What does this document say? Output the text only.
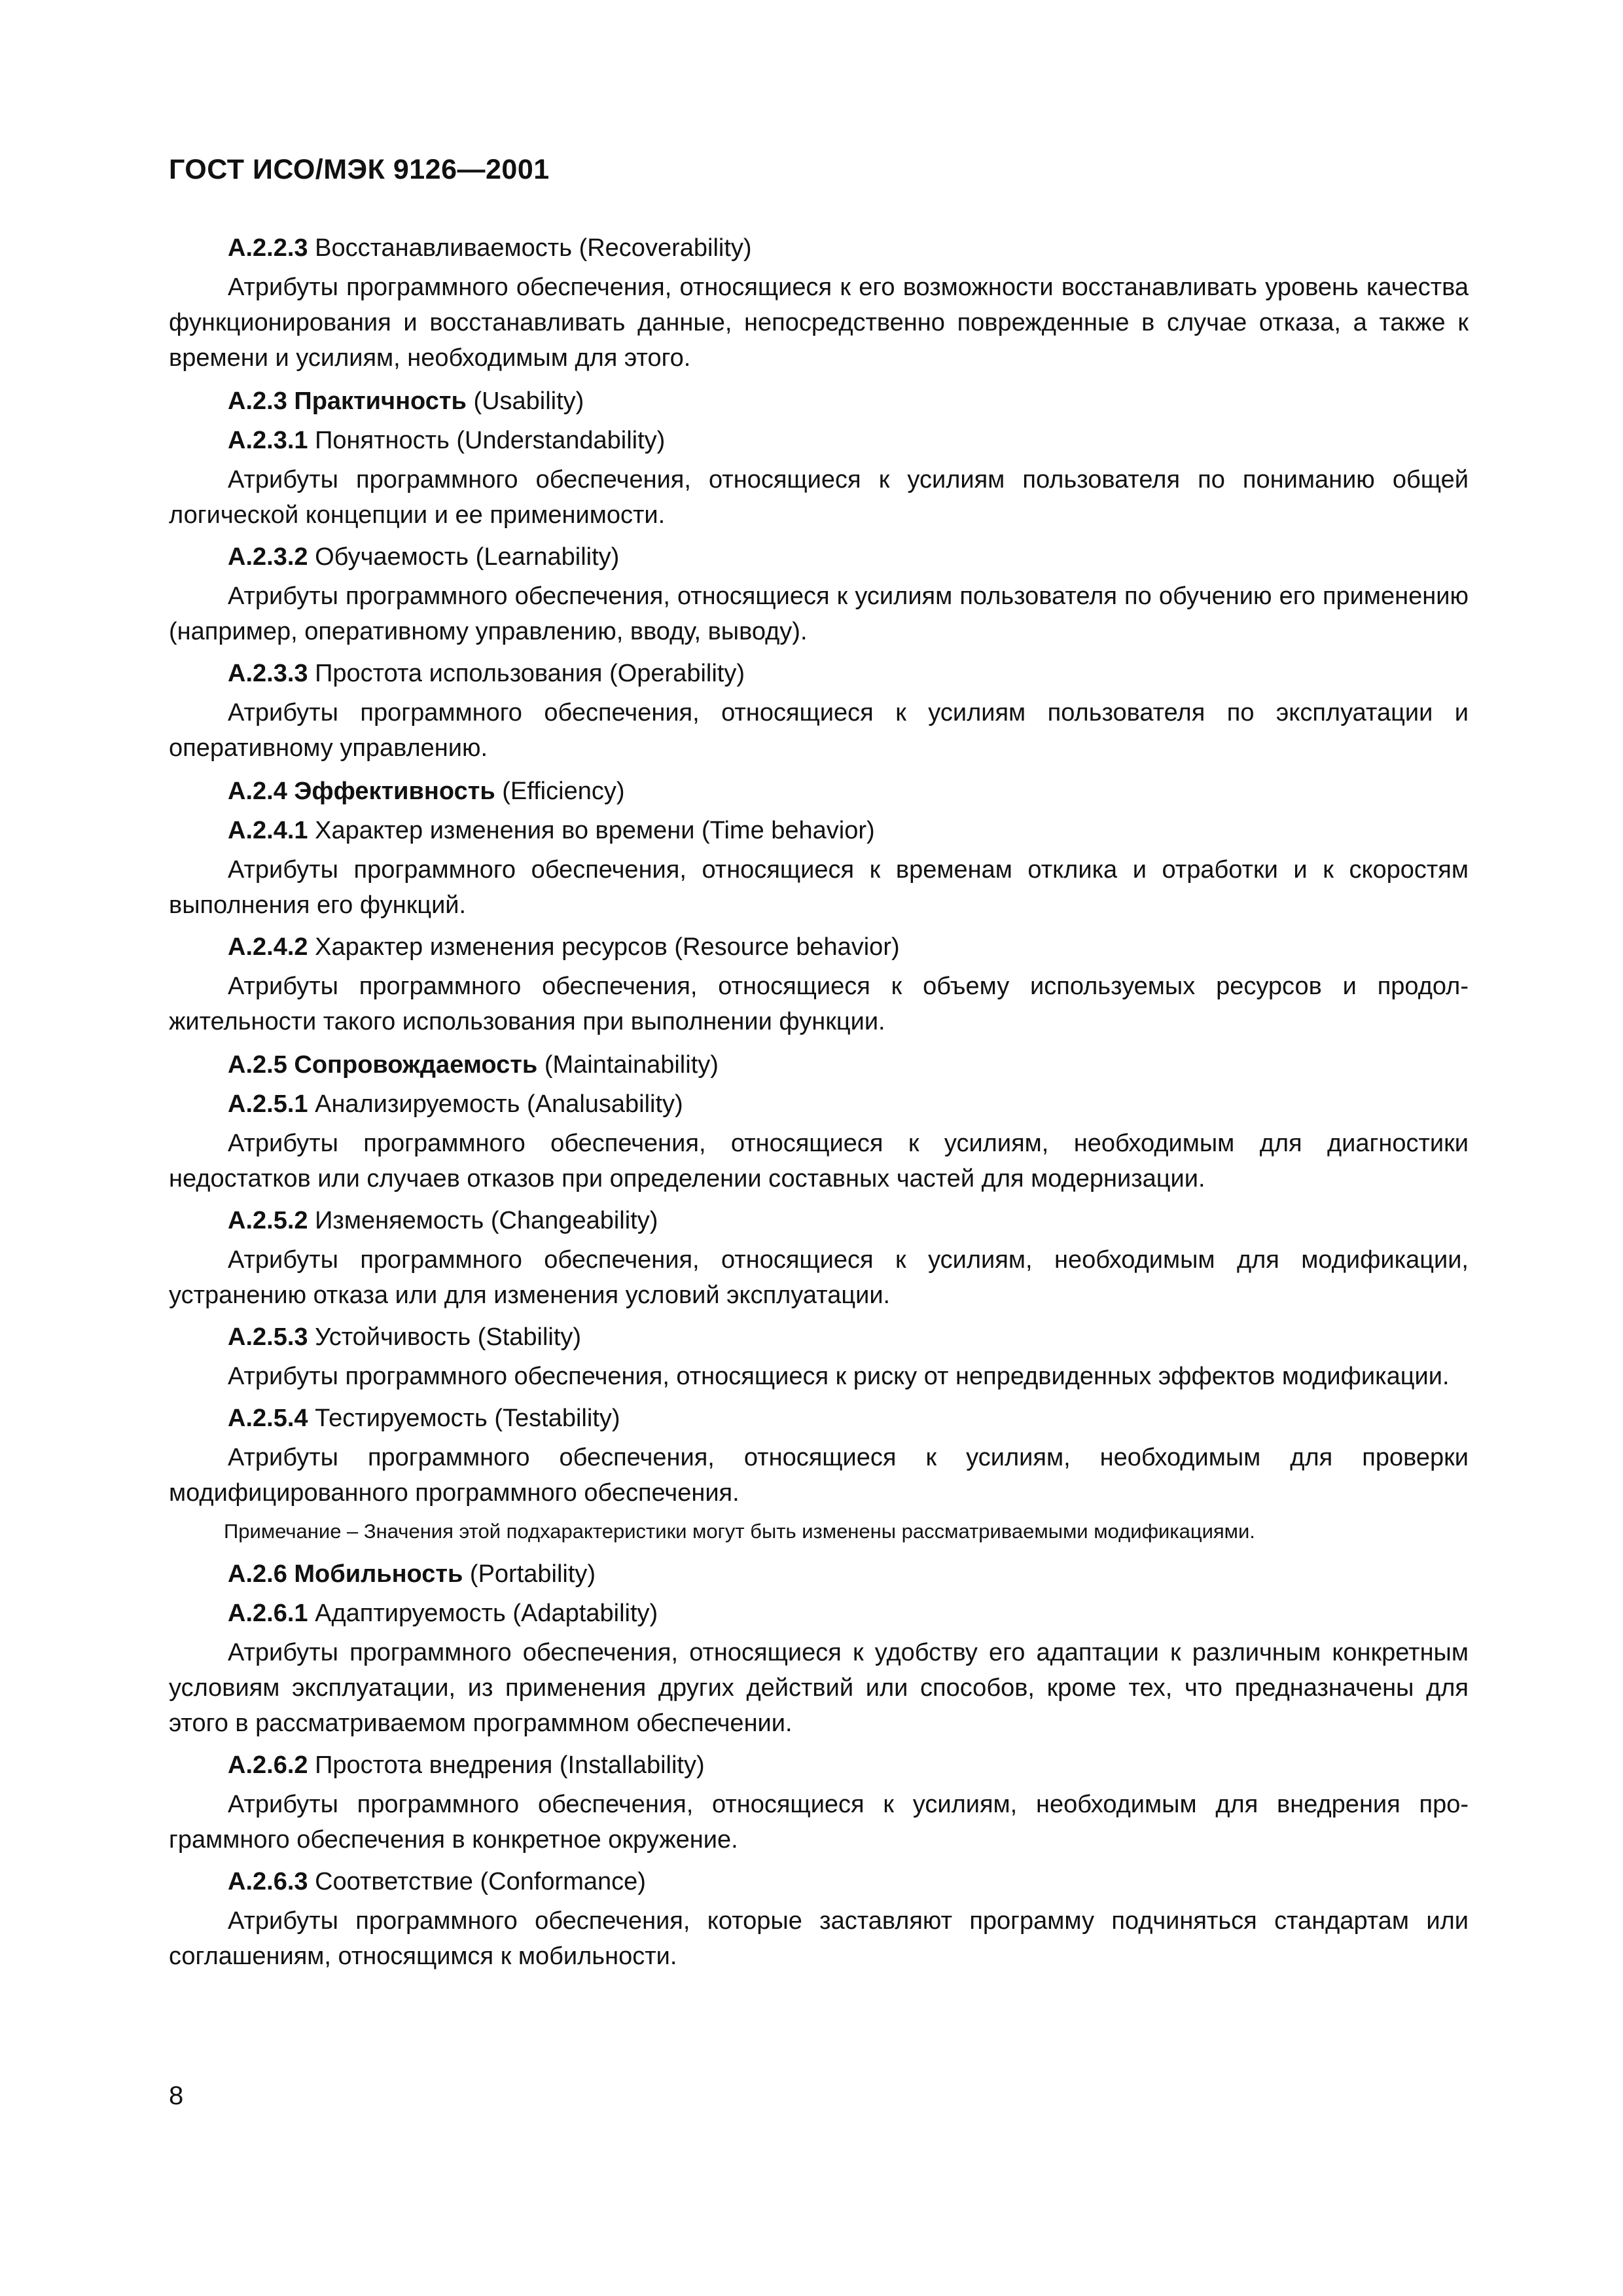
ГОСТ ИСО/МЭК 9126—2001
А.2.2.3 Восстанавливаемость (Recoverability)

Атрибуты программного обеспечения, относящиеся к его возможности восстанавливать уровень качества функционирования и восстанавливать данные, непосредственно поврежденные в случае отказа, а также к времени и усилиям, необходимым для этого.

А.2.3 Практичность (Usability)
А.2.3.1 Понятность (Understandability)

Атрибуты программного обеспечения, относящиеся к усилиям пользователя по пониманию общей логической концепции и ее применимости.

А.2.3.2 Обучаемость (Learnability)

Атрибуты программного обеспечения, относящиеся к усилиям пользователя по обучению его применению (например, оперативному управлению, вводу, выводу).

А.2.3.3 Простота использования (Operability)

Атрибуты программного обеспечения, относящиеся к усилиям пользователя по эксплуатации и оперативному управлению.

А.2.4 Эффективность (Efficiency)
А.2.4.1 Характер изменения во времени (Time behavior)

Атрибуты программного обеспечения, относящиеся к временам отклика и отработки и к скоростям выполнения его функций.

А.2.4.2 Характер изменения ресурсов (Resource behavior)

Атрибуты программного обеспечения, относящиеся к объему используемых ресурсов и продолжительности такого использования при выполнении функции.

А.2.5 Сопровождаемость (Maintainability)
А.2.5.1 Анализируемость (Analusability)

Атрибуты программного обеспечения, относящиеся к усилиям, необходимым для диагностики недостатков или случаев отказов при определении составных частей для модернизации.

А.2.5.2 Изменяемость (Changeability)

Атрибуты программного обеспечения, относящиеся к усилиям, необходимым для модификации, устранению отказа или для изменения условий эксплуатации.

А.2.5.3 Устойчивость (Stability)

Атрибуты программного обеспечения, относящиеся к риску от непредвиденных эффектов модификации.

А.2.5.4 Тестируемость (Testability)

Атрибуты программного обеспечения, относящиеся к усилиям, необходимым для проверки модифицированного программного обеспечения.

Примечание – Значения этой подхарактеристики могут быть изменены рассматриваемыми модификациями.
А.2.6 Мобильность (Portability)
А.2.6.1 Адаптируемость (Adaptability)

Атрибуты программного обеспечения, относящиеся к удобству его адаптации к различным конкретным условиям эксплуатации, из применения других действий или способов, кроме тех, что предназначены для этого в рассматриваемом программном обеспечении.

А.2.6.2 Простота внедрения (Installability)

Атрибуты программного обеспечения, относящиеся к усилиям, необходимым для внедрения программного обеспечения в конкретное окружение.

А.2.6.3 Соответствие (Conformance)

Атрибуты программного обеспечения, которые заставляют программу подчиняться стандартам или соглашениям, относящимся к мобильности.

8
